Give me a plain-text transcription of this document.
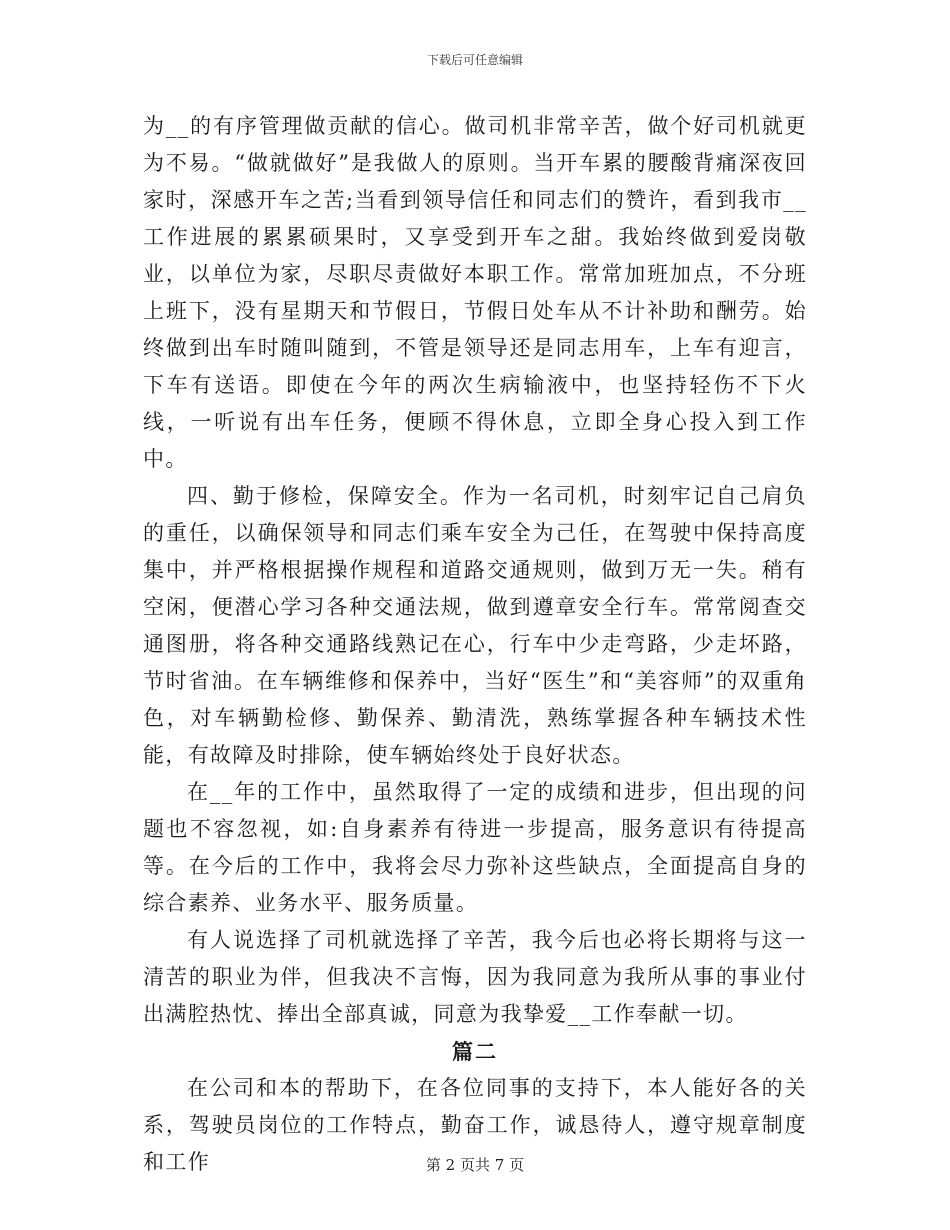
下载后可任意编辑

为__的有序管理做贡献的信心。做司机非常辛苦，做个好司机就更为不易。“做就做好”是我做人的原则。当开车累的腰酸背痛深夜回家时，深感开车之苦;当看到领导信任和同志们的赞许，看到我市__工作进展的累累硕果时，又享受到开车之甜。我始终做到爱岗敬业，以单位为家，尽职尽责做好本职工作。常常加班加点，不分班上班下，没有星期天和节假日，节假日处车从不计补助和酬劳。始终做到出车时随叫随到，不管是领导还是同志用车，上车有迎言，下车有送语。即使在今年的两次生病输液中，也坚持轻伤不下火线，一听说有出车任务，便顾不得休息，立即全身心投入到工作中。

四、勤于修检，保障安全。作为一名司机，时刻牢记自己肩负的重任，以确保领导和同志们乘车安全为己任，在驾驶中保持高度集中，并严格根据操作规程和道路交通规则，做到万无一失。稍有空闲，便潜心学习各种交通法规，做到遵章安全行车。常常阅查交通图册，将各种交通路线熟记在心，行车中少走弯路，少走坏路，节时省油。在车辆维修和保养中，当好“医生”和“美容师”的双重角色，对车辆勤检修、勤保养、勤清洗，熟练掌握各种车辆技术性能，有故障及时排除，使车辆始终处于良好状态。

在__年的工作中，虽然取得了一定的成绩和进步，但出现的问题也不容忽视，如:自身素养有待进一步提高，服务意识有待提高等。在今后的工作中，我将会尽力弥补这些缺点，全面提高自身的综合素养、业务水平、服务质量。

有人说选择了司机就选择了辛苦，我今后也必将长期将与这一清苦的职业为伴，但我决不言悔，因为我同意为我所从事的事业付出满腔热忱、捧出全部真诚，同意为我挚爱__工作奉献一切。

篇二

在公司和本的帮助下，在各位同事的支持下，本人能好各的关系，驾驶员岗位的工作特点，勤奋工作，诚恳待人，遵守规章制度和工作	第 2 页共 7 页
